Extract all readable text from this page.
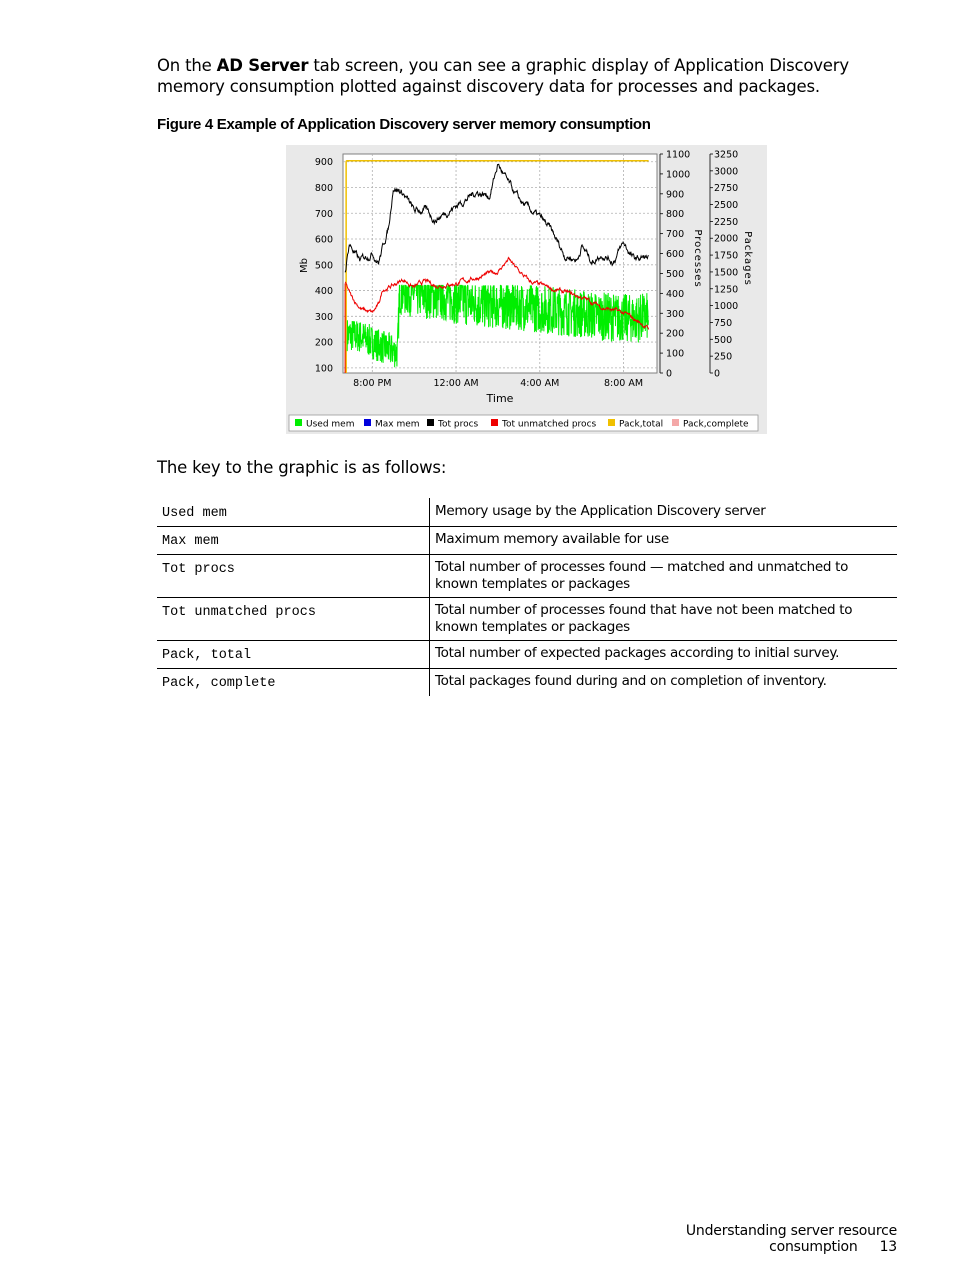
On the AD Server tab screen, you can see a graphic display of Application Discovery memory consumption plotted against discovery data for processes and packages.

Figure 4 Example of Application Discovery server memory consumption

100
200
300
400
500
600
700
800
900
8:00 PM	12:00 AM	4:00 AM	8:00 AM
Mb
Time
0
100
200
300
400
500
600
700
800
900
1000
1100
Processes
0
250
500
750
1000
1250
1500
1750
2000
2250
2500
2750
3000
3250
Packages
Used mem Max mem Tot procs	Tot unmatched procs	Pack,total Pack,complete

The key to the graphic is as follows:

Used mem	Memory usage by the Application Discovery server
Max mem	Maximum memory available for use
Tot procs	Total number of processes found — matched and unmatched to known templates or packages
Tot unmatched procs	Total number of processes found that have not been matched to known templates or packages
Pack, total	Total number of expected packages according to initial survey.
Pack, complete	Total packages found during and on completion of inventory.
Understanding server resource consumption 13
